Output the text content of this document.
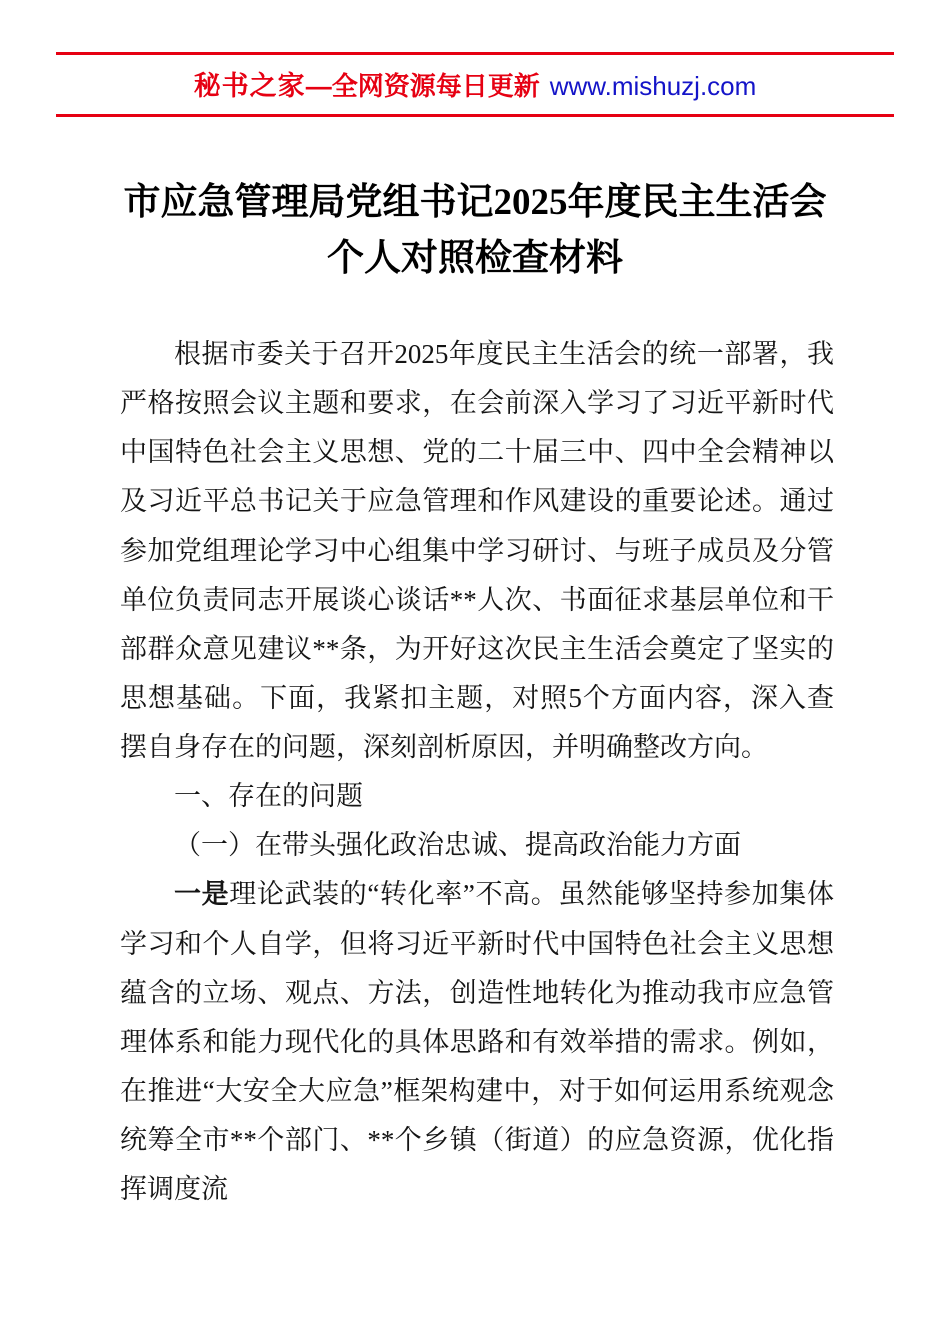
秘书之家—全网资源每日更新 www.mishuzj.com
市应急管理局党组书记2025年度民主生活会
个人对照检查材料

根据市委关于召开2025年度民主生活会的统一部署，我严格按照会议主题和要求，在会前深入学习了习近平新时代中国特色社会主义思想、党的二十届三中、四中全会精神以及习近平总书记关于应急管理和作风建设的重要论述。通过参加党组理论学习中心组集中学习研讨、与班子成员及分管单位负责同志开展谈心谈话**人次、书面征求基层单位和干部群众意见建议**条，为开好这次民主生活会奠定了坚实的思想基础。下面，我紧扣主题，对照5个方面内容，深入查摆自身存在的问题，深刻剖析原因，并明确整改方向。

一、存在的问题

（一）在带头强化政治忠诚、提高政治能力方面

一是理论武装的“转化率”不高。虽然能够坚持参加集体学习和个人自学，但将习近平新时代中国特色社会主义思想蕴含的立场、观点、方法，创造性地转化为推动我市应急管理体系和能力现代化的具体思路和有效举措的需求。例如，在推进“大安全大应急”框架构建中，对于如何运用系统观念统筹全市**个部门、**个乡镇（街道）的应急资源，优化指挥调度流
